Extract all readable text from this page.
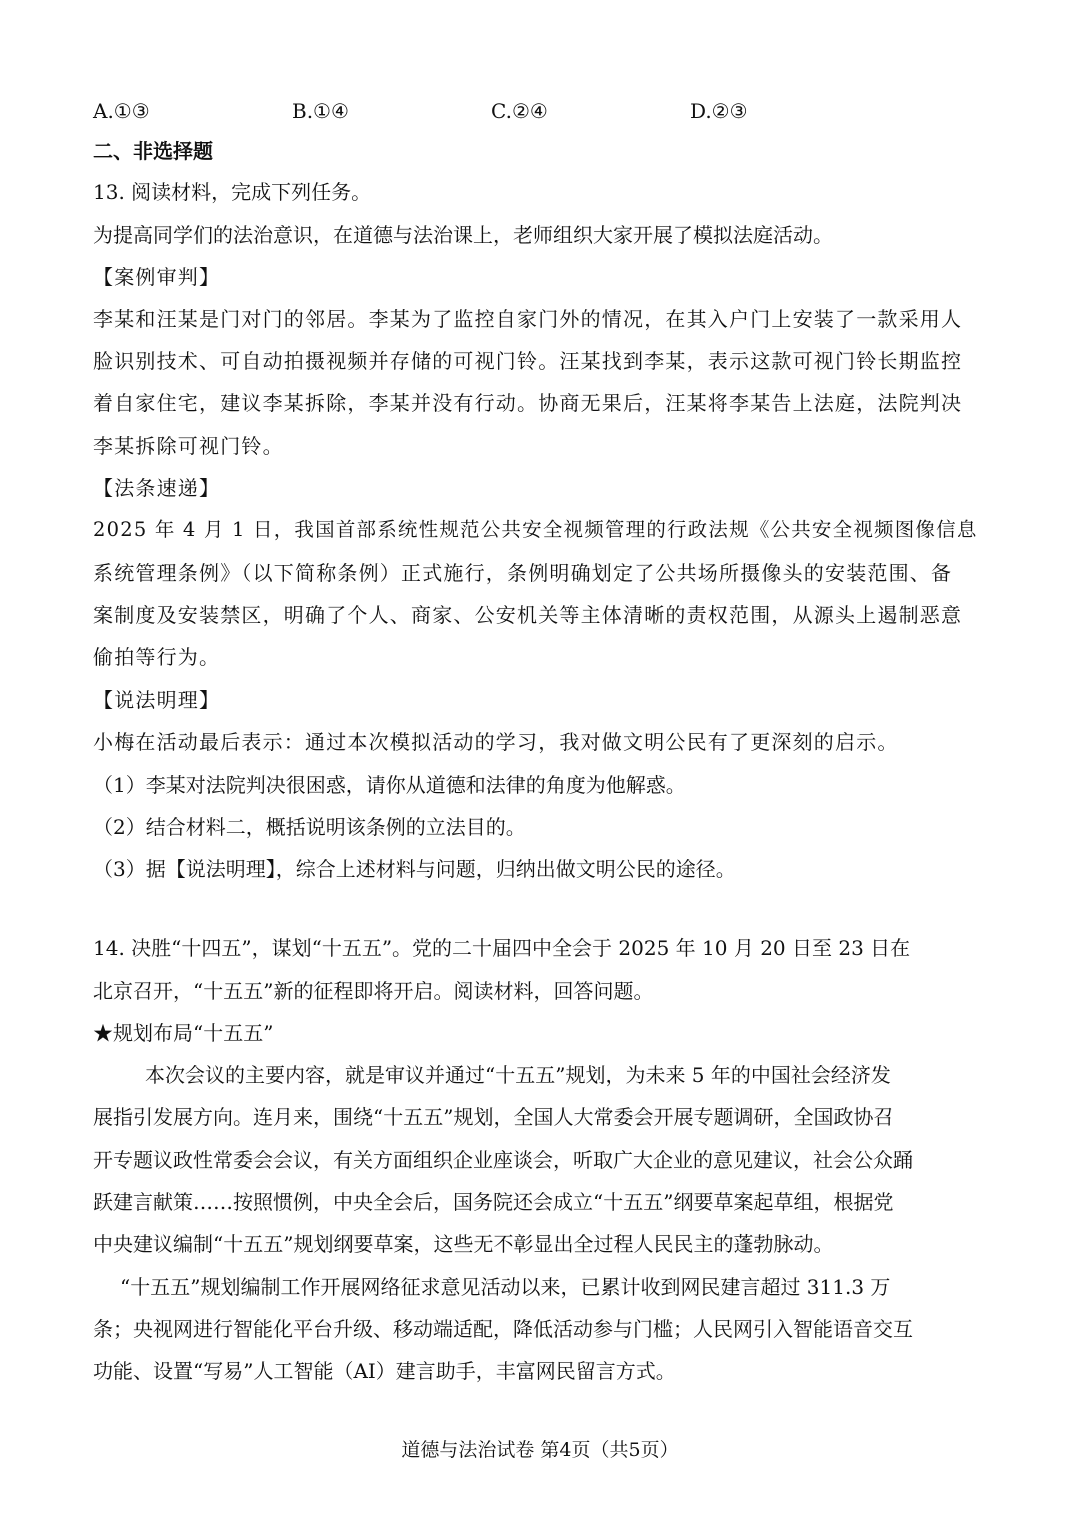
A.①③	B.①④	C.②④	D.②③
二、非选择题
13. 阅读材料，完成下列任务。
为提高同学们的法治意识，在道德与法治课上，老师组织大家开展了模拟法庭活动。
【案例审判】
李某和汪某是门对门的邻居。李某为了监控自家门外的情况，在其入户门上安装了一款采用人
脸识别技术、可自动拍摄视频并存储的可视门铃。汪某找到李某，表示这款可视门铃长期监控
着自家住宅，建议李某拆除，李某并没有行动。协商无果后，汪某将李某告上法庭，法院判决
李某拆除可视门铃。
【法条速递】
2025 年 4 月 1 日，我国首部系统性规范公共安全视频管理的行政法规《公共安全视频图像信息
系统管理条例》（以下简称条例）正式施行，条例明确划定了公共场所摄像头的安装范围、备
案制度及安装禁区，明确了个人、商家、公安机关等主体清晰的责权范围，从源头上遏制恶意
偷拍等行为。
【说法明理】
小梅在活动最后表示：通过本次模拟活动的学习，我对做文明公民有了更深刻的启示。
（1）李某对法院判决很困惑，请你从道德和法律的角度为他解惑。
（2）结合材料二，概括说明该条例的立法目的。
（3）据【说法明理】，综合上述材料与问题，归纳出做文明公民的途径。
14. 决胜“十四五”，谋划“十五五”。党的二十届四中全会于 2025 年 10 月 20 日至 23 日在
北京召开，“十五五”新的征程即将开启。阅读材料，回答问题。
★规划布局“十五五”
本次会议的主要内容，就是审议并通过“十五五”规划，为未来 5 年的中国社会经济发
展指引发展方向。连月来，围绕“十五五”规划，全国人大常委会开展专题调研，全国政协召
开专题议政性常委会会议，有关方面组织企业座谈会，听取广大企业的意见建议，社会公众踊
跃建言献策……按照惯例，中央全会后，国务院还会成立“十五五”纲要草案起草组，根据党
中央建议编制“十五五”规划纲要草案，这些无不彰显出全过程人民民主的蓬勃脉动。
“十五五”规划编制工作开展网络征求意见活动以来，已累计收到网民建言超过 311.3 万
条；央视网进行智能化平台升级、移动端适配，降低活动参与门槛；人民网引入智能语音交互
功能、设置“写易”人工智能（AI）建言助手，丰富网民留言方式。
道德与法治试卷 第4页（共5页）
